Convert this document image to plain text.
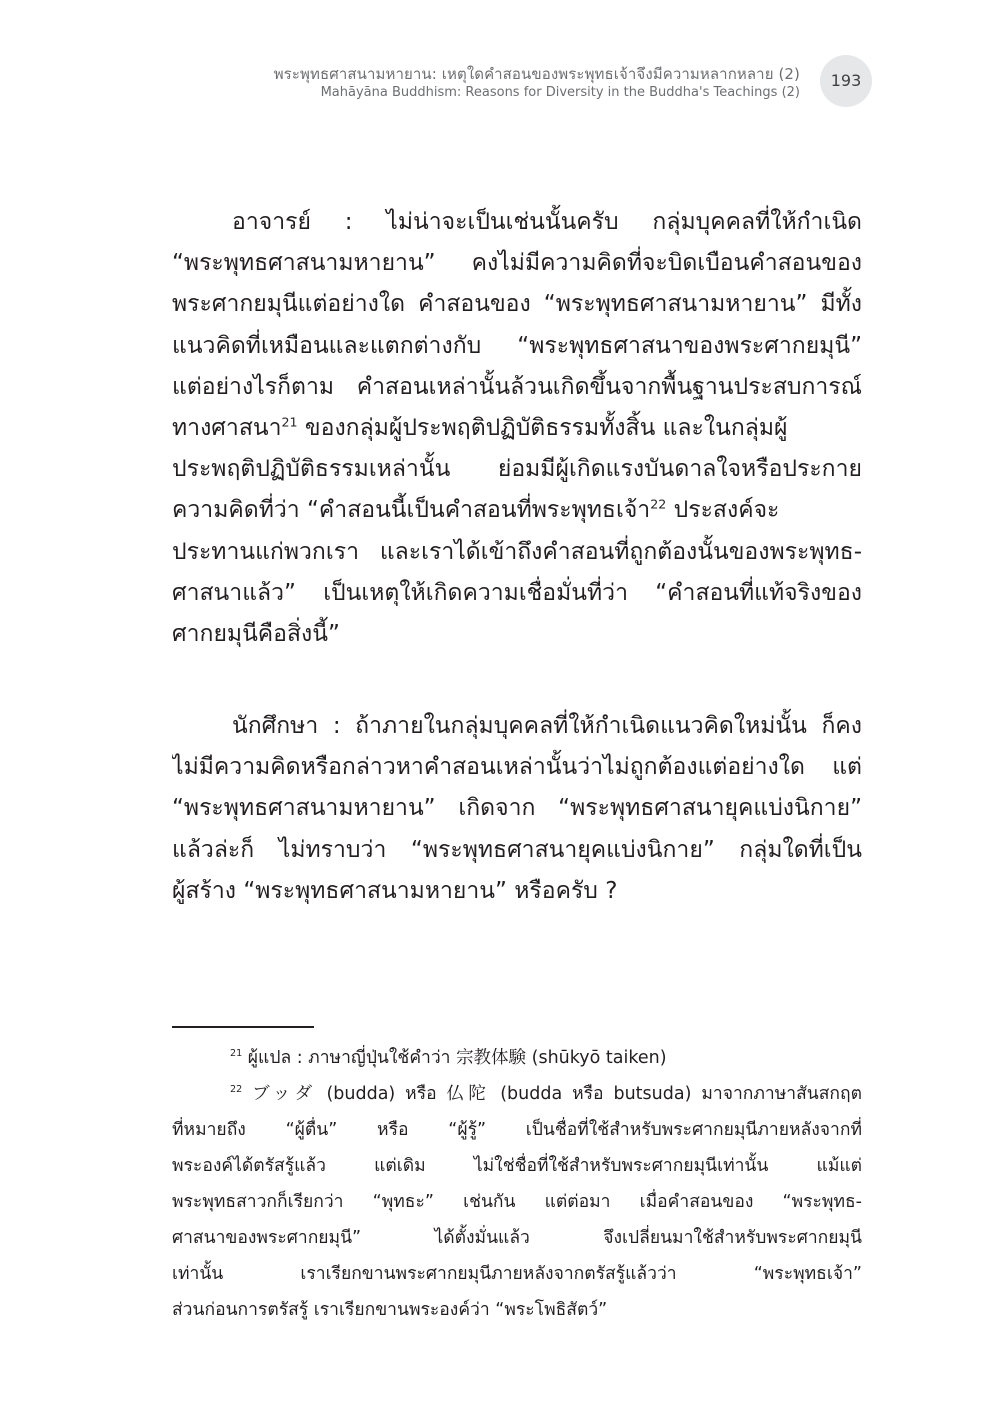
พระพุทธศาสนามหายาน: เหตุใดคำสอนของพระพุทธเจ้าจึงมีความหลากหลาย (2)
Mahāyāna Buddhism: Reasons for Diversity in the Buddha's Teachings (2)
193
อาจารย์ : ไม่น่าจะเป็นเช่นนั้นครับ กลุ่มบุคคลที่ให้กำเนิด
“พระพุทธศาสนามหายาน” คงไม่มีความคิดที่จะบิดเบือนคำสอนของ
พระศากยมุนีแต่อย่างใด คำสอนของ “พระพุทธศาสนามหายาน” มีทั้ง
แนวคิดที่เหมือนและแตกต่างกับ “พระพุทธศาสนาของพระศากยมุนี”
แต่อย่างไรก็ตาม คำสอนเหล่านั้นล้วนเกิดขึ้นจากพื้นฐานประสบการณ์
ทางศาสนา$^{21}$ ของกลุ่มผู้ประพฤติปฏิบัติธรรมทั้งสิ้น และในกลุ่มผู้
ประพฤติปฏิบัติธรรมเหล่านั้น ย่อมมีผู้เกิดแรงบันดาลใจหรือประกาย
ความคิดที่ว่า “คำสอนนี้เป็นคำสอนที่พระพุทธเจ้า$^{22}$ ประสงค์จะ
ประทานแก่พวกเรา และเราได้เข้าถึงคำสอนที่ถูกต้องนั้นของพระพุทธ-
ศาสนาแล้ว” เป็นเหตุให้เกิดความเชื่อมั่นที่ว่า “คำสอนที่แท้จริงของ
ศากยมุนีคือสิ่งนี้”
นักศึกษา : ถ้าภายในกลุ่มบุคคลที่ให้กำเนิดแนวคิดใหม่นั้น ก็คง
ไม่มีความคิดหรือกล่าวหาคำสอนเหล่านั้นว่าไม่ถูกต้องแต่อย่างใด แต่
“พระพุทธศาสนามหายาน” เกิดจาก “พระพุทธศาสนายุคแบ่งนิกาย”
แล้วล่ะก็ ไม่ทราบว่า “พระพุทธศาสนายุคแบ่งนิกาย” กลุ่มใดที่เป็น
ผู้สร้าง “พระพุทธศาสนามหายาน” หรือครับ ?
$^{21}$ ผู้แปล : ภาษาญี่ปุ่นใช้คำว่า 宗教体験 (shūkyō taiken)
$^{22}$ ブッダ (budda) หรือ 仏陀 (budda หรือ butsuda) มาจากภาษาสันสกฤต
ที่หมายถึง “ผู้ตื่น” หรือ “ผู้รู้” เป็นชื่อที่ใช้สำหรับพระศากยมุนีภายหลังจากที่
พระองค์ได้ตรัสรู้แล้ว แต่เดิม ไม่ใช่ชื่อที่ใช้สำหรับพระศากยมุนีเท่านั้น แม้แต่
พระพุทธสาวกก็เรียกว่า “พุทธะ” เช่นกัน แต่ต่อมา เมื่อคำสอนของ “พระพุทธ-
ศาสนาของพระศากยมุนี” ได้ตั้งมั่นแล้ว จึงเปลี่ยนมาใช้สำหรับพระศากยมุนี
เท่านั้น เราเรียกขานพระศากยมุนีภายหลังจากตรัสรู้แล้วว่า “พระพุทธเจ้า”
ส่วนก่อนการตรัสรู้ เราเรียกขานพระองค์ว่า “พระโพธิสัตว์”
